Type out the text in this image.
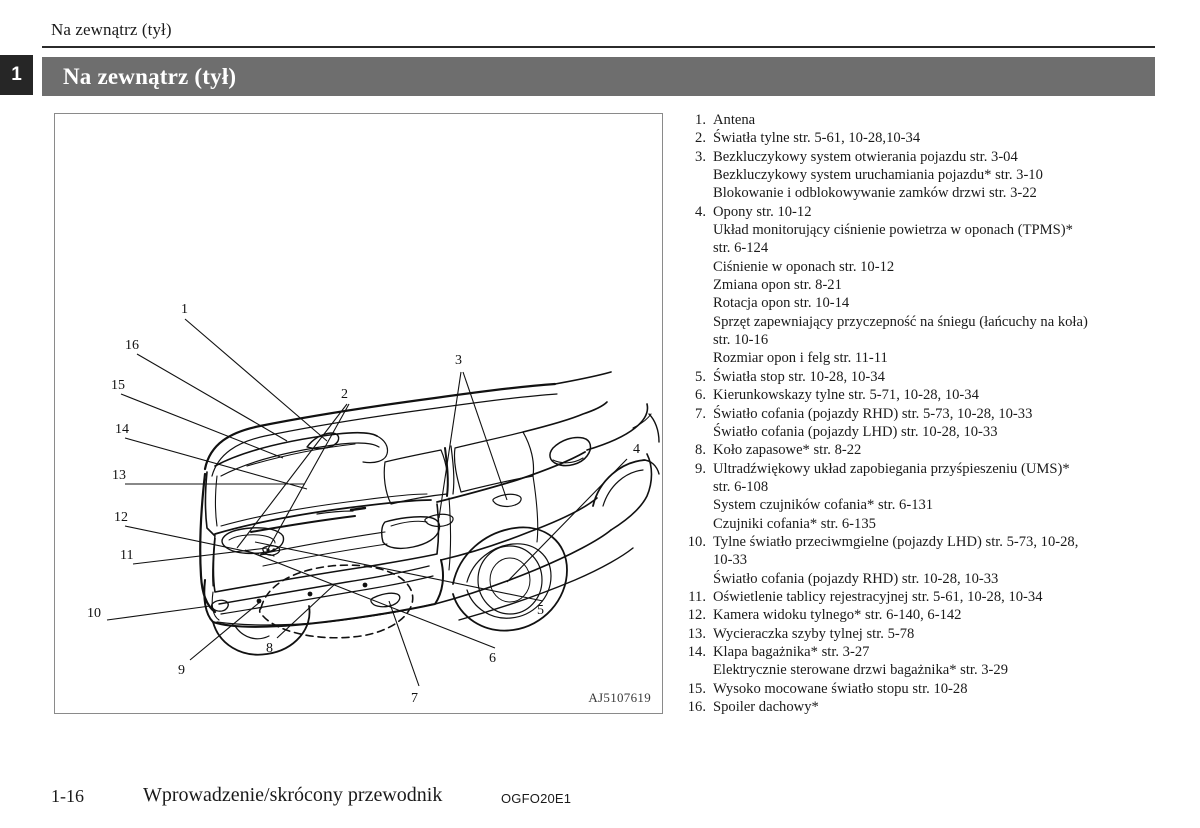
Na zewnątrz (tył)
1	Na zewnątrz (tył)
1
16
15
14
13
12
11
10
9
8
7
6
5
4
3
2
AJ5107619
1. Antena
2. Światła tylne str. 5-61, 10-28,10-34
3. Bezkluczykowy system otwierania pojazdu str. 3-04
Bezkluczykowy system uruchamiania pojazdu* str. 3-10
Blokowanie i odblokowywanie zamków drzwi str. 3-22
4. Opony str. 10-12
Układ monitorujący ciśnienie powietrza w oponach (TPMS)*
str. 6-124
Ciśnienie w oponach str. 10-12
Zmiana opon str. 8-21
Rotacja opon str. 10-14
Sprzęt zapewniający przyczepność na śniegu (łańcuchy na koła)
str. 10-16
Rozmiar opon i felg str. 11-11
5. Światła stop str. 10-28, 10-34
6. Kierunkowskazy tylne str. 5-71, 10-28, 10-34
7. Światło cofania (pojazdy RHD) str. 5-73, 10-28, 10-33
Światło cofania (pojazdy LHD) str. 10-28, 10-33
8. Koło zapasowe* str. 8-22
9. Ultradźwiękowy układ zapobiegania przyśpieszeniu (UMS)*
str. 6-108
System czujników cofania* str. 6-131
Czujniki cofania* str. 6-135
10. Tylne światło przeciwmgielne (pojazdy LHD) str. 5-73, 10-28,
10-33
Światło cofania (pojazdy RHD) str. 10-28, 10-33
11. Oświetlenie tablicy rejestracyjnej str. 5-61, 10-28, 10-34
12. Kamera widoku tylnego* str. 6-140, 6-142
13. Wycieraczka szyby tylnej str. 5-78
14. Klapa bagażnika* str. 3-27
Elektrycznie sterowane drzwi bagażnika* str. 3-29
15. Wysoko mocowane światło stopu str. 10-28
16. Spoiler dachowy*
1-16	Wprowadzenie/skrócony przewodnik	OGFO20E1
